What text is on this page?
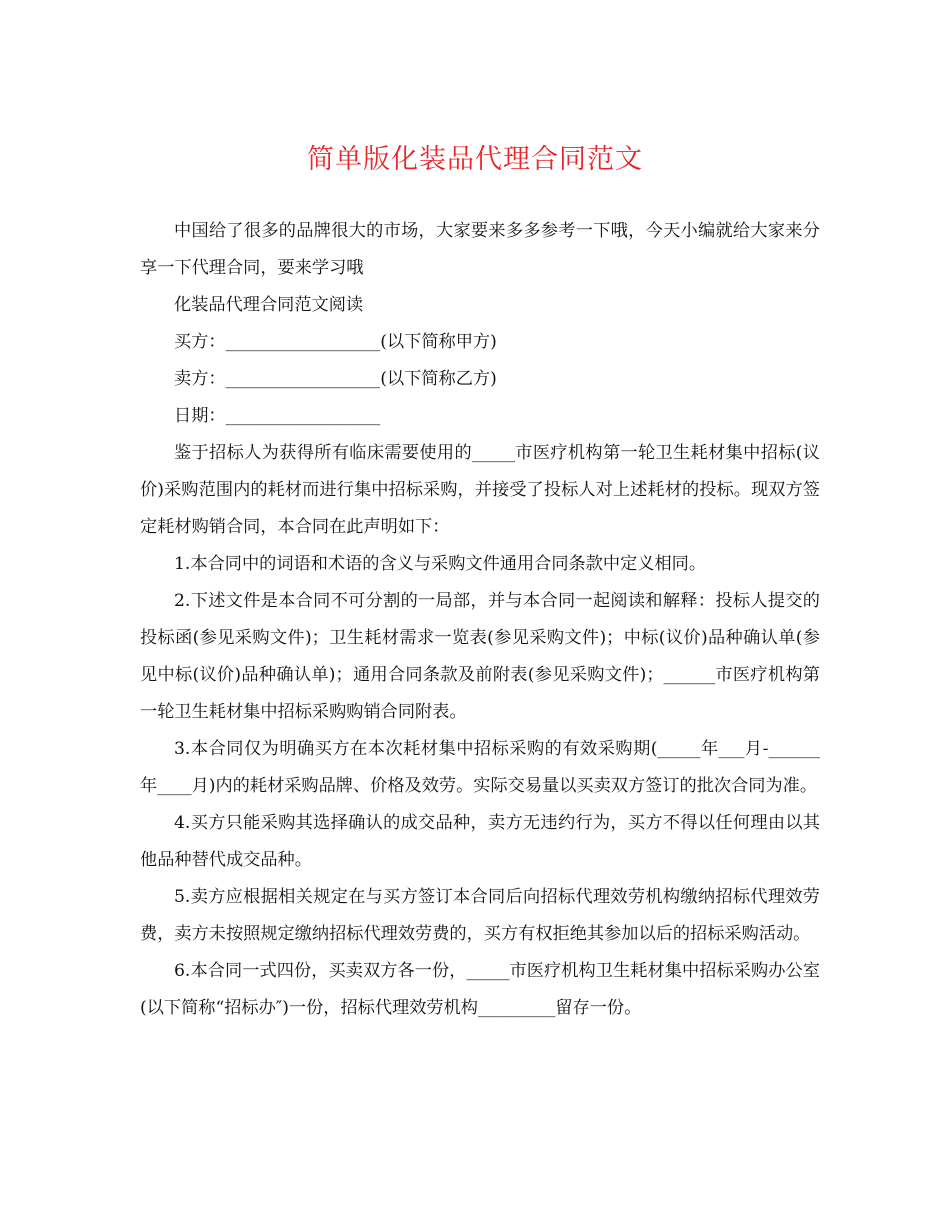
简单版化装品代理合同范文

中国给了很多的品牌很大的市场，大家要来多多参考一下哦，今天小编就给大家来分享一下代理合同，要来学习哦

化装品代理合同范文阅读

买方：__________________(以下简称甲方)

卖方：__________________(以下简称乙方)

日期：__________________

鉴于招标人为获得所有临床需要使用的_____市医疗机构第一轮卫生耗材集中招标(议价)采购范围内的耗材而进行集中招标采购，并接受了投标人对上述耗材的投标。现双方签定耗材购销合同，本合同在此声明如下：

1.本合同中的词语和术语的含义与采购文件通用合同条款中定义相同。

2.下述文件是本合同不可分割的一局部，并与本合同一起阅读和解释：投标人提交的投标函(参见采购文件)；卫生耗材需求一览表(参见采购文件)；中标(议价)品种确认单(参见中标(议价)品种确认单)；通用合同条款及前附表(参见采购文件)；______市医疗机构第一轮卫生耗材集中招标采购购销合同附表。

3.本合同仅为明确买方在本次耗材集中招标采购的有效采购期(_____年___月-______年____月)内的耗材采购品牌、价格及效劳。实际交易量以买卖双方签订的批次合同为准。

4.买方只能采购其选择确认的成交品种，卖方无违约行为，买方不得以任何理由以其他品种替代成交品种。

5.卖方应根据相关规定在与买方签订本合同后向招标代理效劳机构缴纳招标代理效劳费，卖方未按照规定缴纳招标代理效劳费的，买方有权拒绝其参加以后的招标采购活动。

6.本合同一式四份，买卖双方各一份，_____市医疗机构卫生耗材集中招标采购办公室(以下简称“招标办″)一份，招标代理效劳机构_________留存一份。
